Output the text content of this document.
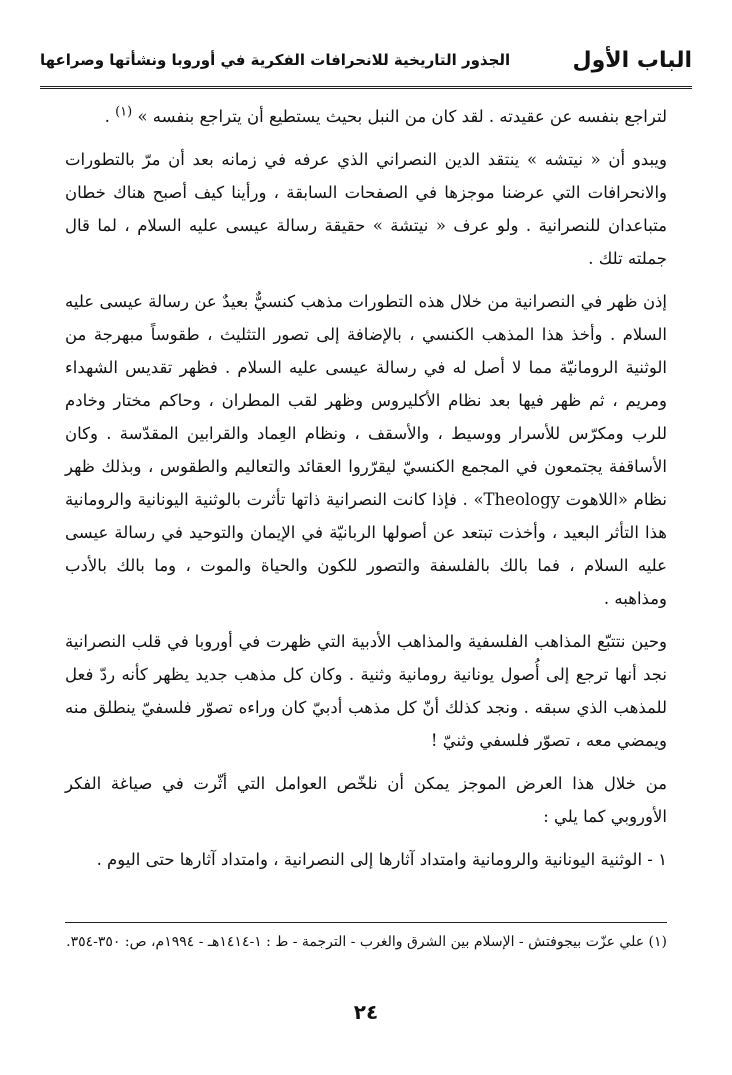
الباب الأول
الجذور التاريخية للانحرافات الفكرية في أوروبا ونشأتها وصراعها

لتراجع بنفسه عن عقيدته . لقد كان من النبل بحيث يستطيع أن يتراجع بنفسه » $^{(١)}$ .

ويبدو أن « نيتشه » ينتقد الدين النصراني الذي عرفه في زمانه بعد أن مرّ بالتطورات والانحرافات التي عرضنا موجزها في الصفحات السابقة ، ورأينا كيف أصبح هناك خطان متباعدان للنصرانية . ولو عرف « نيتشة » حقيقة رسالة عيسى عليه السلام ، لما قال جملته تلك .

إذن ظهر في النصرانية من خلال هذه التطورات مذهب كنسيٌّ بعيدٌ عن رسالة عيسى عليه السلام . وأخذ هذا المذهب الكنسي ، بالإضافة إلى تصور التثليث ، طقوساً مبهرجة من الوثنية الرومانيّة مما لا أصل له في رسالة عيسى عليه السلام . فظهر تقديس الشهداء ومريم ، ثم ظهر فيها بعد نظام الأكليروس وظهر لقب المطران ، وحاكم مختار وخادم للرب ومكرّس للأسرار ووسيط ، والأسقف ، ونظام العِماد والقرابين المقدّسة . وكان الأساقفة يجتمعون في المجمع الكنسيّ ليقرّروا العقائد والتعاليم والطقوس ، وبذلك ظهر نظام «اللاهوت Theology» . فإذا كانت النصرانية ذاتها تأثرت بالوثنية اليونانية والرومانية هذا التأثر البعيد ، وأخذت تبتعد عن أصولها الربانيّة في الإيمان والتوحيد في رسالة عيسى عليه السلام ، فما بالك بالفلسفة والتصور للكون والحياة والموت ، وما بالك بالأدب ومذاهبه .

وحين نتتبّع المذاهب الفلسفية والمذاهب الأدبية التي ظهرت في أوروبا في قلب النصرانية نجد أنها ترجع إلى أُصول يونانية رومانية وثنية . وكان كل مذهب جديد يظهر كأنه ردّ فعل للمذهب الذي سبقه . ونجد كذلك أنّ كل مذهب أدبيّ كان وراءه تصوّر فلسفيّ ينطلق منه ويمضي معه ، تصوّر فلسفي وثنيّ !

من خلال هذا العرض الموجز يمكن أن نلخّص العوامل التي أثّرت في صياغة الفكر الأوروبي كما يلي :

١ - الوثنية اليونانية والرومانية وامتداد آثارها إلى النصرانية ، وامتداد آثارها حتى اليوم .

(١) علي عزّت بيجوفتش - الإسلام بين الشرق والغرب - الترجمة - ط : ١-١٤١٤هـ - ١٩٩٤م، ص: ٣٥٠-٣٥٤.
٢٤
